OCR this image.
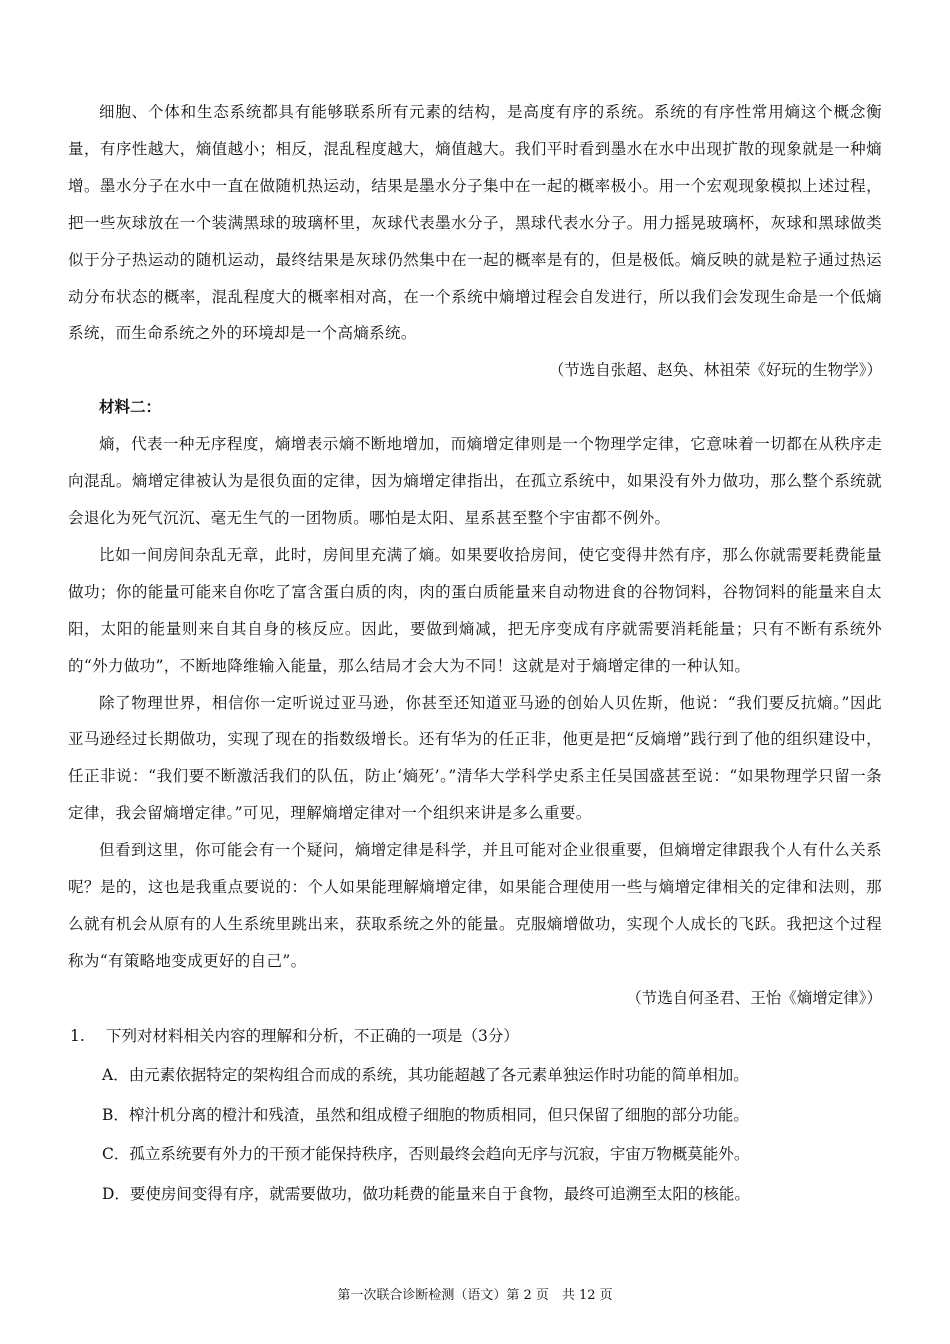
细胞、个体和生态系统都具有能够联系所有元素的结构，是高度有序的系统。系统的有序性常用熵这个概念衡量，有序性越大，熵值越小；相反，混乱程度越大，熵值越大。我们平时看到墨水在水中出现扩散的现象就是一种熵增。墨水分子在水中一直在做随机热运动，结果是墨水分子集中在一起的概率极小。用一个宏观现象模拟上述过程，把一些灰球放在一个装满黑球的玻璃杯里，灰球代表墨水分子，黑球代表水分子。用力摇晃玻璃杯，灰球和黑球做类似于分子热运动的随机运动，最终结果是灰球仍然集中在一起的概率是有的，但是极低。熵反映的就是粒子通过热运动分布状态的概率，混乱程度大的概率相对高，在一个系统中熵增过程会自发进行，所以我们会发现生命是一个低熵系统，而生命系统之外的环境却是一个高熵系统。

（节选自张超、赵奂、林祖荣《好玩的生物学》）

材料二：

熵，代表一种无序程度，熵增表示熵不断地增加，而熵增定律则是一个物理学定律，它意味着一切都在从秩序走向混乱。熵增定律被认为是很负面的定律，因为熵增定律指出，在孤立系统中，如果没有外力做功，那么整个系统就会退化为死气沉沉、毫无生气的一团物质。哪怕是太阳、星系甚至整个宇宙都不例外。

比如一间房间杂乱无章，此时，房间里充满了熵。如果要收拾房间，使它变得井然有序，那么你就需要耗费能量做功；你的能量可能来自你吃了富含蛋白质的肉，肉的蛋白质能量来自动物进食的谷物饲料，谷物饲料的能量来自太阳，太阳的能量则来自其自身的核反应。因此，要做到熵减，把无序变成有序就需要消耗能量；只有不断有系统外的“外力做功”，不断地降维输入能量，那么结局才会大为不同！这就是对于熵增定律的一种认知。

除了物理世界，相信你一定听说过亚马逊，你甚至还知道亚马逊的创始人贝佐斯，他说：“我们要反抗熵。”因此亚马逊经过长期做功，实现了现在的指数级增长。还有华为的任正非，他更是把“反熵增”践行到了他的组织建设中，任正非说：“我们要不断激活我们的队伍，防止‘熵死’。”清华大学科学史系主任吴国盛甚至说：“如果物理学只留一条定律，我会留熵增定律。”可见，理解熵增定律对一个组织来讲是多么重要。

但看到这里，你可能会有一个疑问，熵增定律是科学，并且可能对企业很重要，但熵增定律跟我个人有什么关系呢？是的，这也是我重点要说的：个人如果能理解熵增定律，如果能合理使用一些与熵增定律相关的定律和法则，那么就有机会从原有的人生系统里跳出来，获取系统之外的能量。克服熵增做功，实现个人成长的飞跃。我把这个过程称为“有策略地变成更好的自己”。

（节选自何圣君、王怡《熵增定律》）

1.	下列对材料相关内容的理解和分析，不正确的一项是（3分）

A．由元素依据特定的架构组合而成的系统，其功能超越了各元素单独运作时功能的简单相加。

B．榨汁机分离的橙汁和残渣，虽然和组成橙子细胞的物质相同，但只保留了细胞的部分功能。

C．孤立系统要有外力的干预才能保持秩序，否则最终会趋向无序与沉寂，宇宙万物概莫能外。

D．要使房间变得有序，就需要做功，做功耗费的能量来自于食物，最终可追溯至太阳的核能。

第一次联合诊断检测（语文）第 2 页　共 12 页
